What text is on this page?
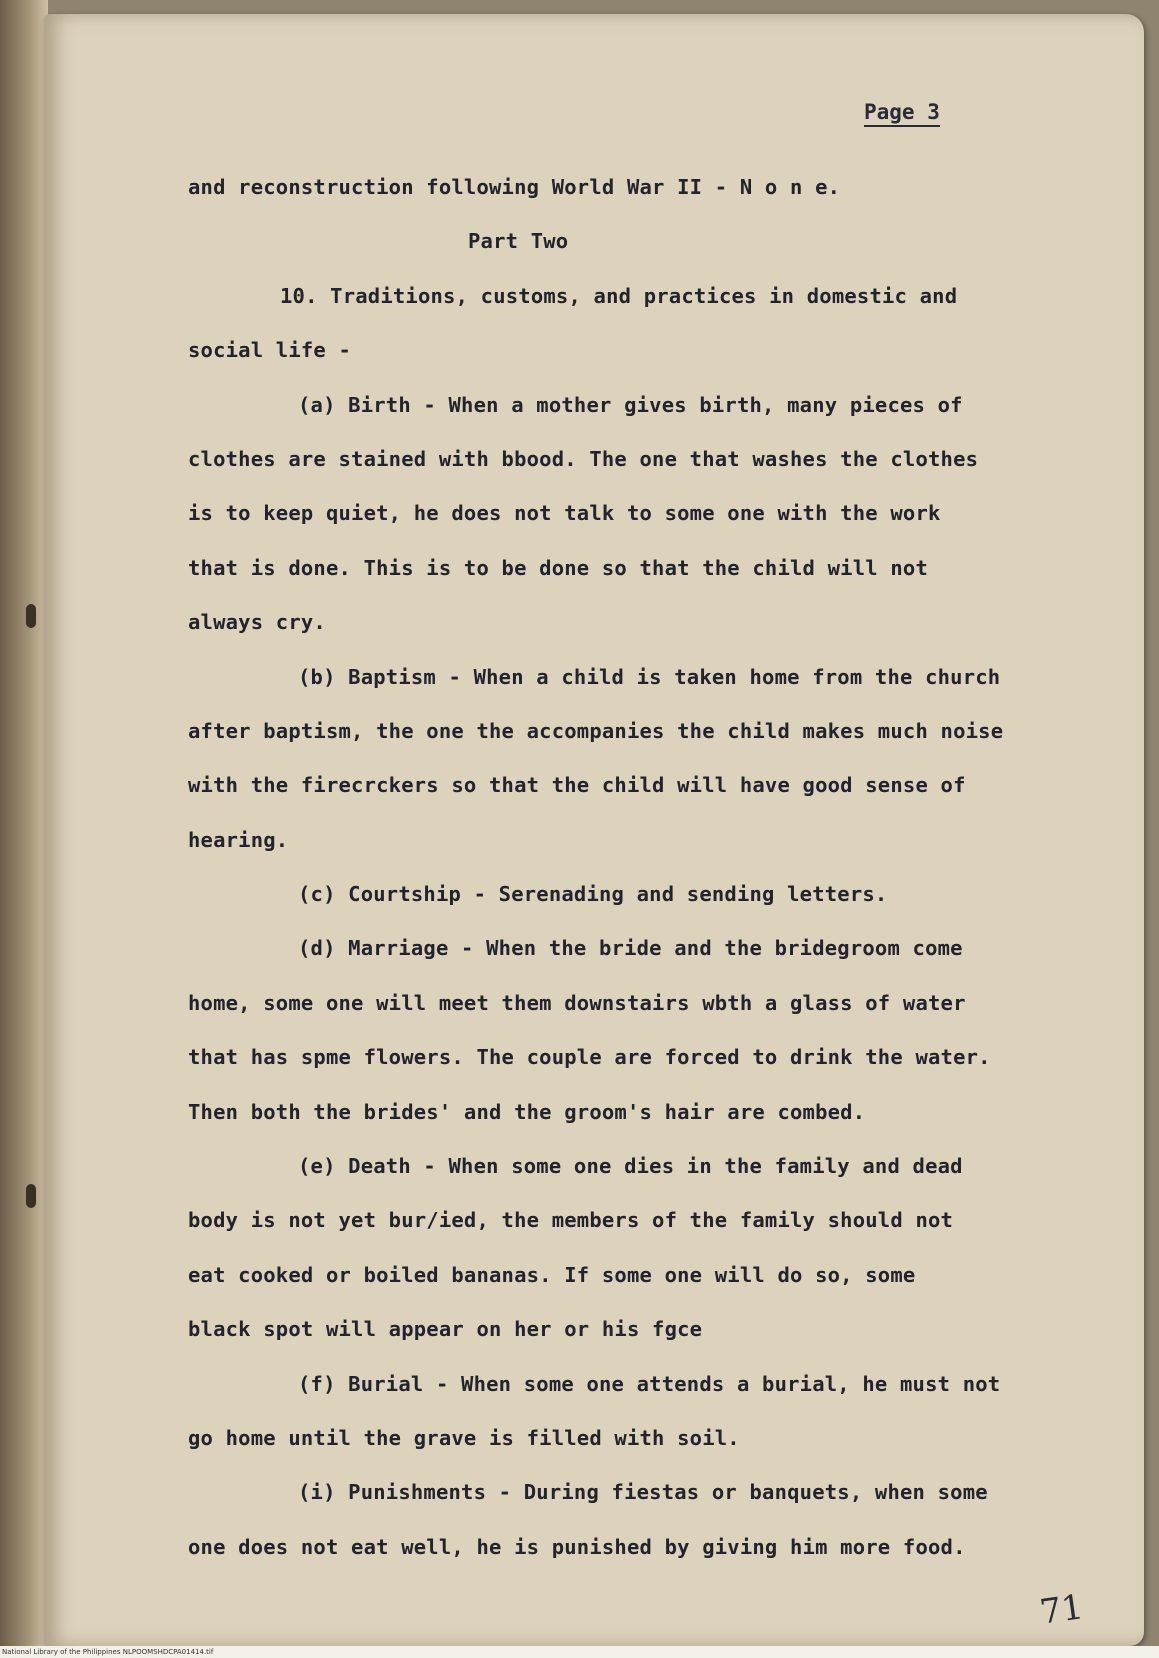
Page 3
and reconstruction following World War II - N o n e.
Part Two
10. Traditions, customs, and practices in domestic and
social life -
(a) Birth - When a mother gives birth, many pieces of
clothes are stained with bbood. The one that washes the clothes
is to keep quiet, he does not talk to some one with the work
that is done. This is to be done so that the child will not
always cry.
(b) Baptism - When a child is taken home from the church
after baptism, the one the accompanies the child makes much noise
with the firecrckers so that the child will have good sense of
hearing.
(c) Courtship - Serenading and sending letters.
(d) Marriage - When the bride and the bridegroom come
home, some one will meet them downstairs wbth a glass of water
that has spme flowers. The couple are forced to drink the water.
Then both the brides' and the groom's hair are combed.
(e) Death - When some one dies in the family and dead
body is not yet bur/ied, the members of the family should not
eat cooked or boiled bananas. If some one will do so, some
black spot will appear on her or his fgce
(f) Burial - When some one attends a burial, he must not
go home until the grave is filled with soil.
(i) Punishments - During fiestas or banquets, when some
one does not eat well, he is punished by giving him more food.
71
National Library of the Philippines NLPOOMSHDCPA01414.tif
